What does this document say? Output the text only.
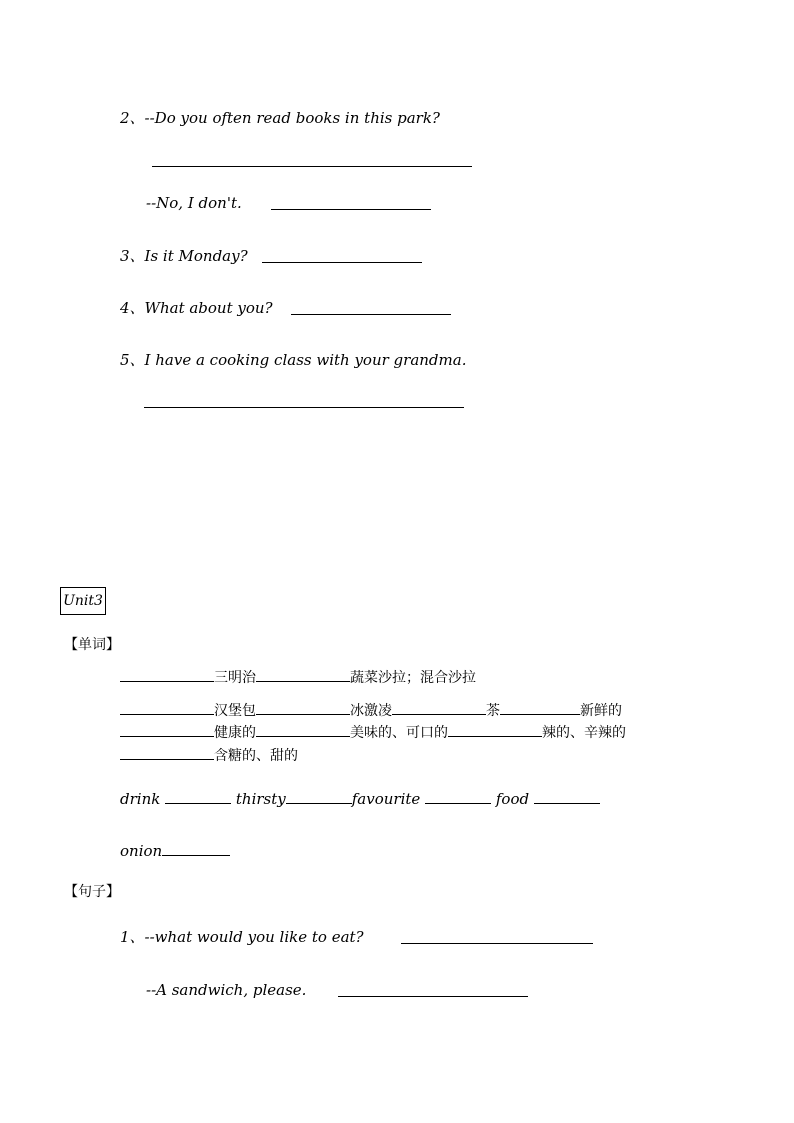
2、--Do you often read books in this park?
--No, I don't.
3、Is it Monday?
4、What about you?
5、I have a cooking class with your grandma.
Unit3
【单词】
三明治	蔬菜沙拉；混合沙拉
汉堡包	冰激凌	茶	新鲜的
健康的	美味的、可口的	辣的、辛辣的
含糖的、甜的
drink	thirsty	favourite	food
onion
【句子】
1、--what would you like to eat?
--A sandwich, please.
